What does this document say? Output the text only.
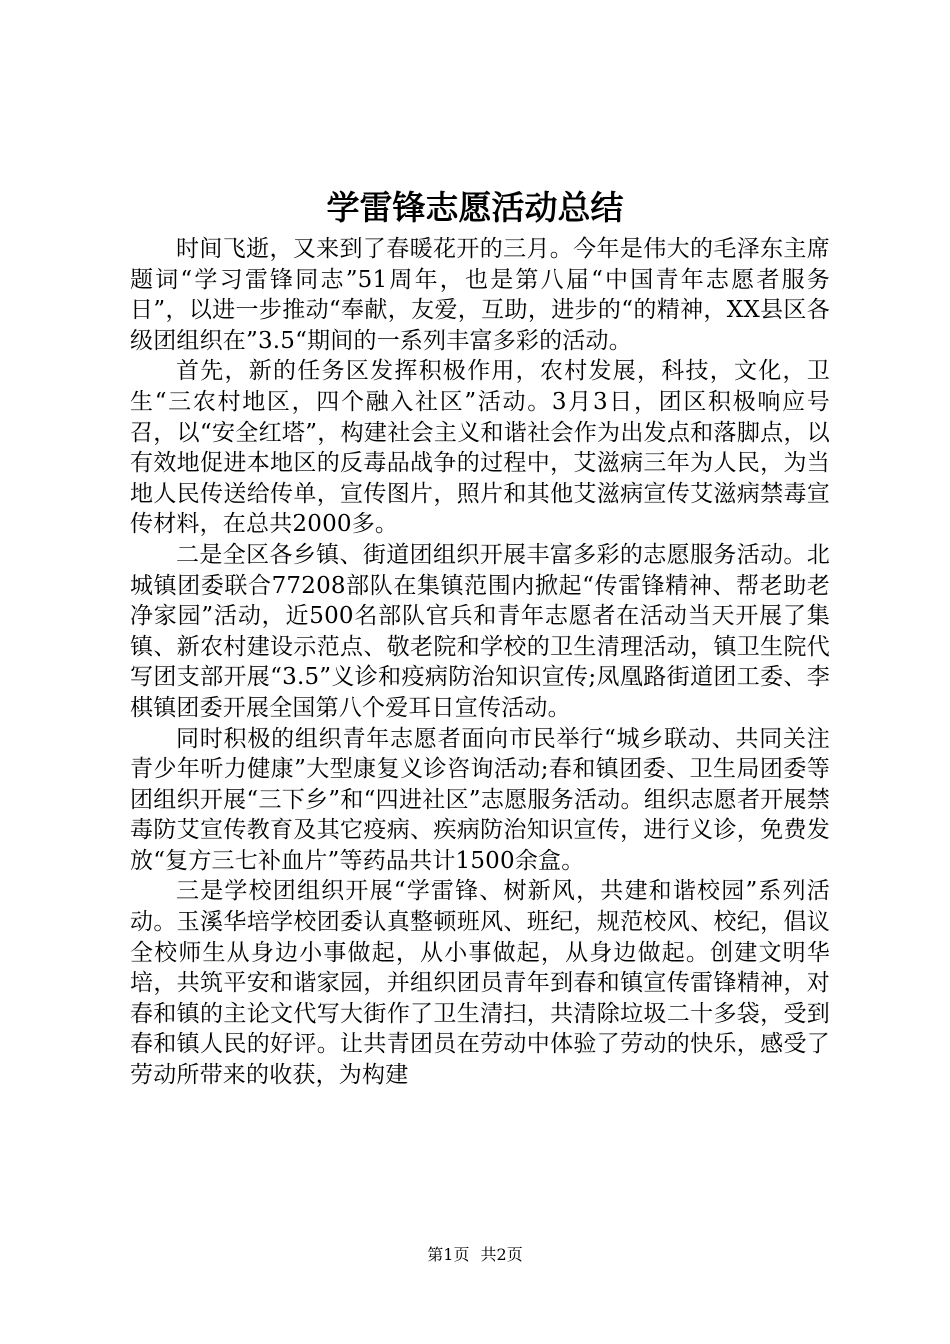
学雷锋志愿活动总结

时间飞逝，又来到了春暖花开的三月。今年是伟大的毛泽东主席题词“学习雷锋同志”51周年，也是第八届“中国青年志愿者服务日”，以进一步推动“奉献，友爱，互助，进步的“的精神，XX县区各级团组织在”3.5“期间的一系列丰富多彩的活动。

首先，新的任务区发挥积极作用，农村发展，科技，文化，卫生“三农村地区，四个融入社区”活动。3月3日，团区积极响应号召，以“安全红塔”，构建社会主义和谐社会作为出发点和落脚点，以有效地促进本地区的反毒品战争的过程中，艾滋病三年为人民，为当地人民传送给传单，宣传图片，照片和其他艾滋病宣传艾滋病禁毒宣传材料，在总共2000多。

二是全区各乡镇、街道团组织开展丰富多彩的志愿服务活动。北城镇团委联合77208部队在集镇范围内掀起“传雷锋精神、帮老助老净家园”活动，近500名部队官兵和青年志愿者在活动当天开展了集镇、新农村建设示范点、敬老院和学校的卫生清理活动，镇卫生院代写团支部开展“3.5”义诊和疫病防治知识宣传;凤凰路街道团工委、李棋镇团委开展全国第八个爱耳日宣传活动。

同时积极的组织青年志愿者面向市民举行“城乡联动、共同关注青少年听力健康”大型康复义诊咨询活动;春和镇团委、卫生局团委等团组织开展“三下乡”和“四进社区”志愿服务活动。组织志愿者开展禁毒防艾宣传教育及其它疫病、疾病防治知识宣传，进行义诊，免费发放“复方三七补血片”等药品共计1500余盒。

三是学校团组织开展“学雷锋、树新风，共建和谐校园”系列活动。玉溪华培学校团委认真整顿班风、班纪，规范校风、校纪，倡议全校师生从身边小事做起，从小事做起，从身边做起。创建文明华培，共筑平安和谐家园，并组织团员青年到春和镇宣传雷锋精神，对春和镇的主论文代写大街作了卫生清扫，共清除垃圾二十多袋，受到春和镇人民的好评。让共青团员在劳动中体验了劳动的快乐，感受了劳动所带来的收获，为构建

第1页 共2页
